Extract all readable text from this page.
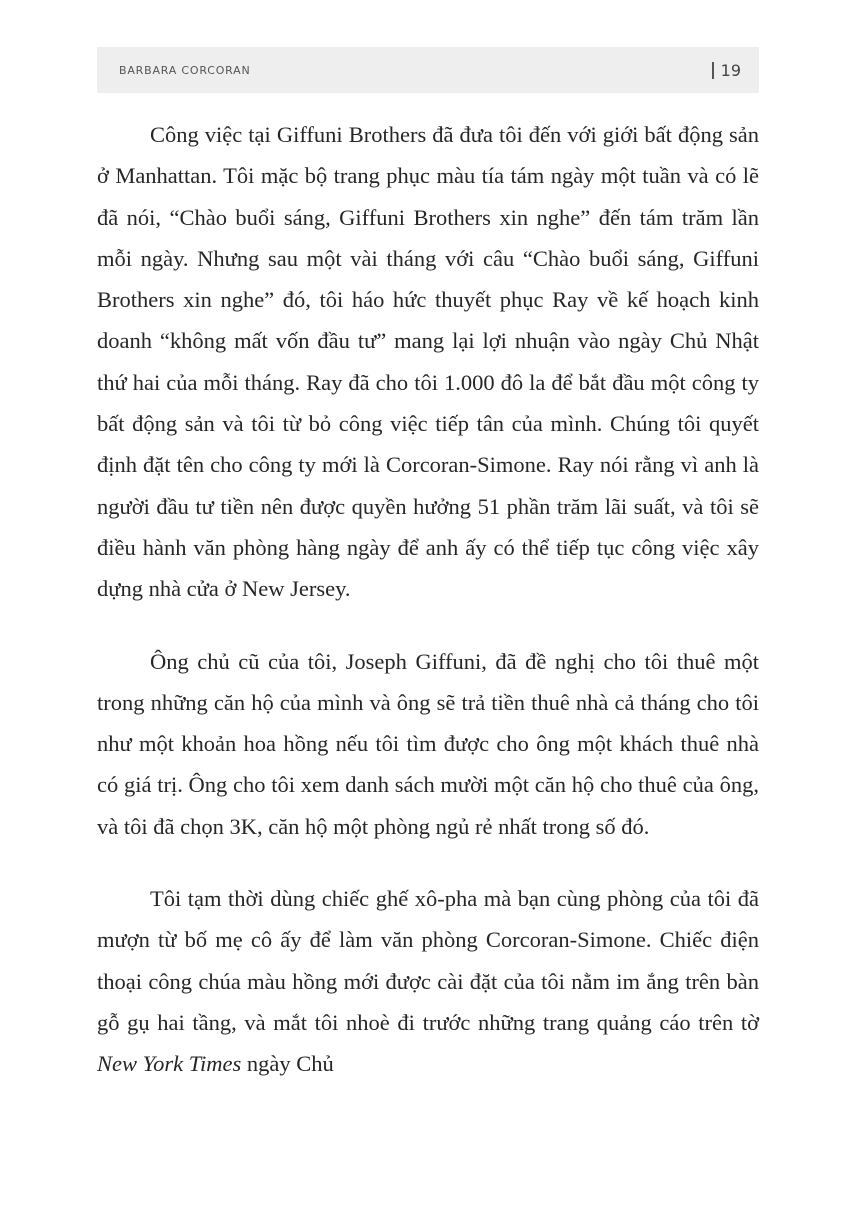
BARBARA CORCORAN	19

Công việc tại Giffuni Brothers đã đưa tôi đến với giới bất động sản ở Manhattan. Tôi mặc bộ trang phục màu tía tám ngày một tuần và có lẽ đã nói, “Chào buổi sáng, Giffuni Brothers xin nghe” đến tám trăm lần mỗi ngày. Nhưng sau một vài tháng với câu “Chào buổi sáng, Giffuni Brothers xin nghe” đó, tôi háo hức thuyết phục Ray về kế hoạch kinh doanh “không mất vốn đầu tư” mang lại lợi nhuận vào ngày Chủ Nhật thứ hai của mỗi tháng. Ray đã cho tôi 1.000 đô la để bắt đầu một công ty bất động sản và tôi từ bỏ công việc tiếp tân của mình. Chúng tôi quyết định đặt tên cho công ty mới là Corcoran-Simone. Ray nói rằng vì anh là người đầu tư tiền nên được quyền hưởng 51 phần trăm lãi suất, và tôi sẽ điều hành văn phòng hàng ngày để anh ấy có thể tiếp tục công việc xây dựng nhà cửa ở New Jersey.

Ông chủ cũ của tôi, Joseph Giffuni, đã đề nghị cho tôi thuê một trong những căn hộ của mình và ông sẽ trả tiền thuê nhà cả tháng cho tôi như một khoản hoa hồng nếu tôi tìm được cho ông một khách thuê nhà có giá trị. Ông cho tôi xem danh sách mười một căn hộ cho thuê của ông, và tôi đã chọn 3K, căn hộ một phòng ngủ rẻ nhất trong số đó.

Tôi tạm thời dùng chiếc ghế xô-pha mà bạn cùng phòng của tôi đã mượn từ bố mẹ cô ấy để làm văn phòng Corcoran-Simone. Chiếc điện thoại công chúa màu hồng mới được cài đặt của tôi nằm im ắng trên bàn gỗ gụ hai tầng, và mắt tôi nhoè đi trước những trang quảng cáo trên tờ New York Times ngày Chủ
